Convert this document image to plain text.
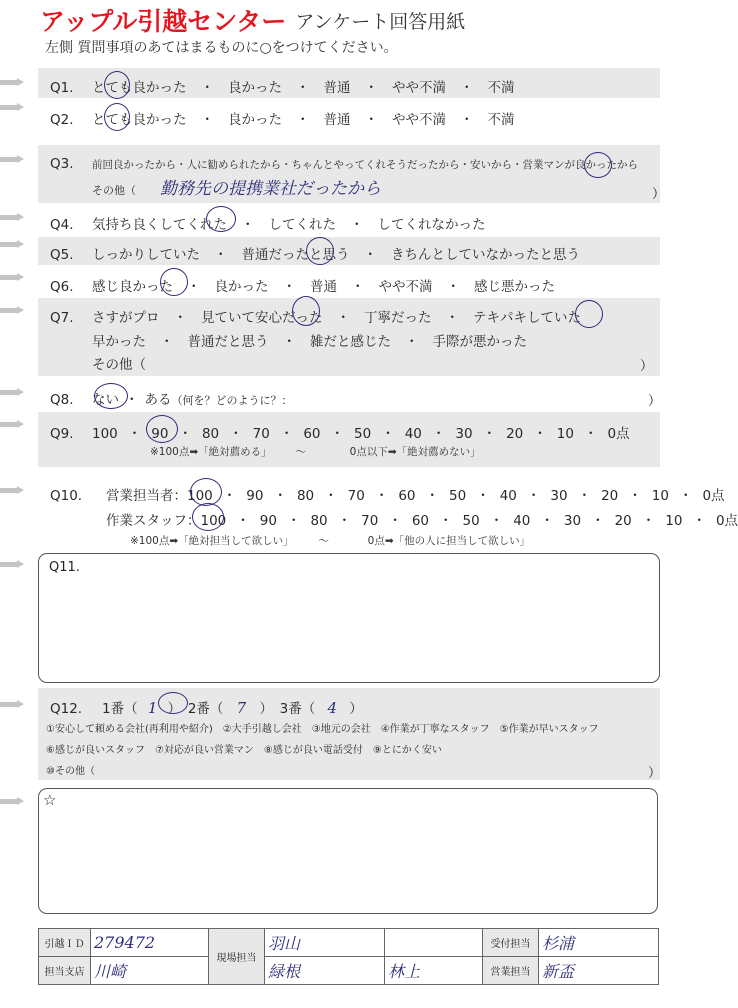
アップル引越センター アンケート回答用紙
左側 質問事項のあてはまるものに○をつけてください。
Q1. とても良かった ・ 良かった ・ 普通 ・ やや不満 ・ 不満
Q2. とても良かった ・ 良かった ・ 普通 ・ やや不満 ・ 不満
Q3. 前回良かったから・人に勧められたから・ちゃんとやってくれそうだったから・安いから・営業マンが良かったから
その他（ 勤務先の提携業社だったから	）
Q4. 気持ち良くしてくれた ・ してくれた ・ してくれなかった
Q5. しっかりしていた ・ 普通だったと思う ・ きちんとしていなかったと思う
Q6. 感じ良かった ・ 良かった ・ 普通 ・ やや不満 ・ 感じ悪かった
Q7. さすがプロ ・ 見ていて安心だった ・ 丁寧だった ・ テキパキしていた
早かった ・ 普通だと思う ・ 雑だと感じた ・ 手際が悪かった
その他（	）
Q8. ない ・ ある（何を？どのように？：	）
Q9. 100 ・ 90 ・ 80 ・ 70 ・ 60 ・ 50 ・ 40 ・ 30 ・ 20 ・ 10 ・ 0点
※100点➡「絶対薦める」 〜	0点以下➡「絶対薦めない」
Q10. 営業担当者：100 ・ 90 ・ 80 ・ 70 ・ 60 ・ 50 ・ 40 ・ 30 ・ 20 ・ 10 ・ 0点
作業スタッフ：100 ・ 90 ・ 80 ・ 70 ・ 60 ・ 50 ・ 40 ・ 30 ・ 20 ・ 10 ・ 0点
※100点➡「絶対担当して欲しい」 〜	0点➡「他の人に担当して欲しい」
Q11.
Q12. 1番（ 1 ）　2番（ 7 ）　3番（ 4 ）
①安心して頼める会社(再利用や紹介)　②大手引越し会社　③地元の会社　④作業が丁寧なスタッフ　⑤作業が早いスタッフ
⑥感じが良いスタッフ　⑦対応が良い営業マン　⑧感じが良い電話受付　⑨とにかく安い
⑩その他（	）
☆
引越ＩＤ	279472	現場担当	羽山		受付担当	杉浦
担当支店	川崎		緑根	林上	営業担当	新盃
